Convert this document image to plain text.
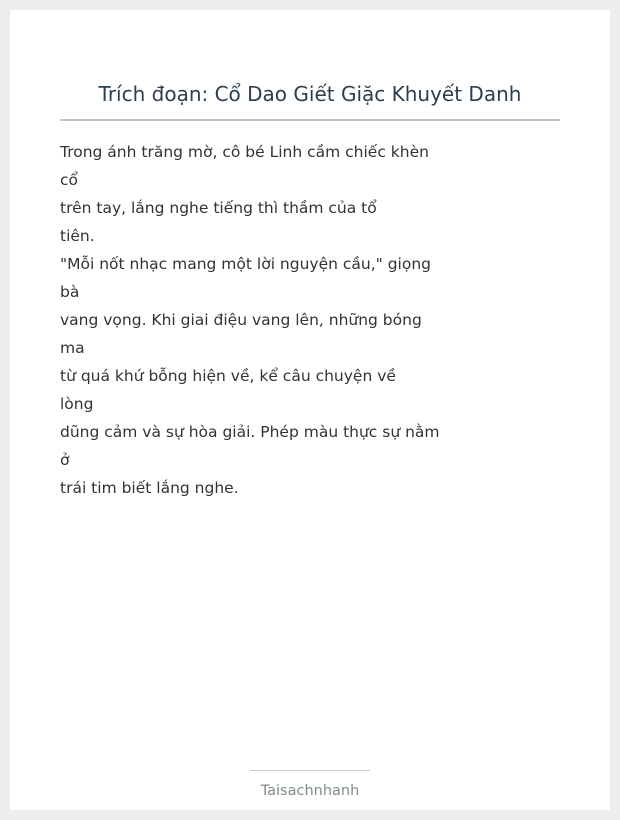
Trích đoạn: Cổ Dao Giết Giặc Khuyết Danh
Trong ánh trăng mờ, cô bé Linh cầm chiếc khèn
cổ
trên tay, lắng nghe tiếng thì thầm của tổ
tiên.
"Mỗi nốt nhạc mang một lời nguyện cầu," giọng
bà
vang vọng. Khi giai điệu vang lên, những bóng
ma
từ quá khứ bỗng hiện về, kể câu chuyện về
lòng
dũng cảm và sự hòa giải. Phép màu thực sự nằm
ở
trái tim biết lắng nghe.
Taisachnhanh
